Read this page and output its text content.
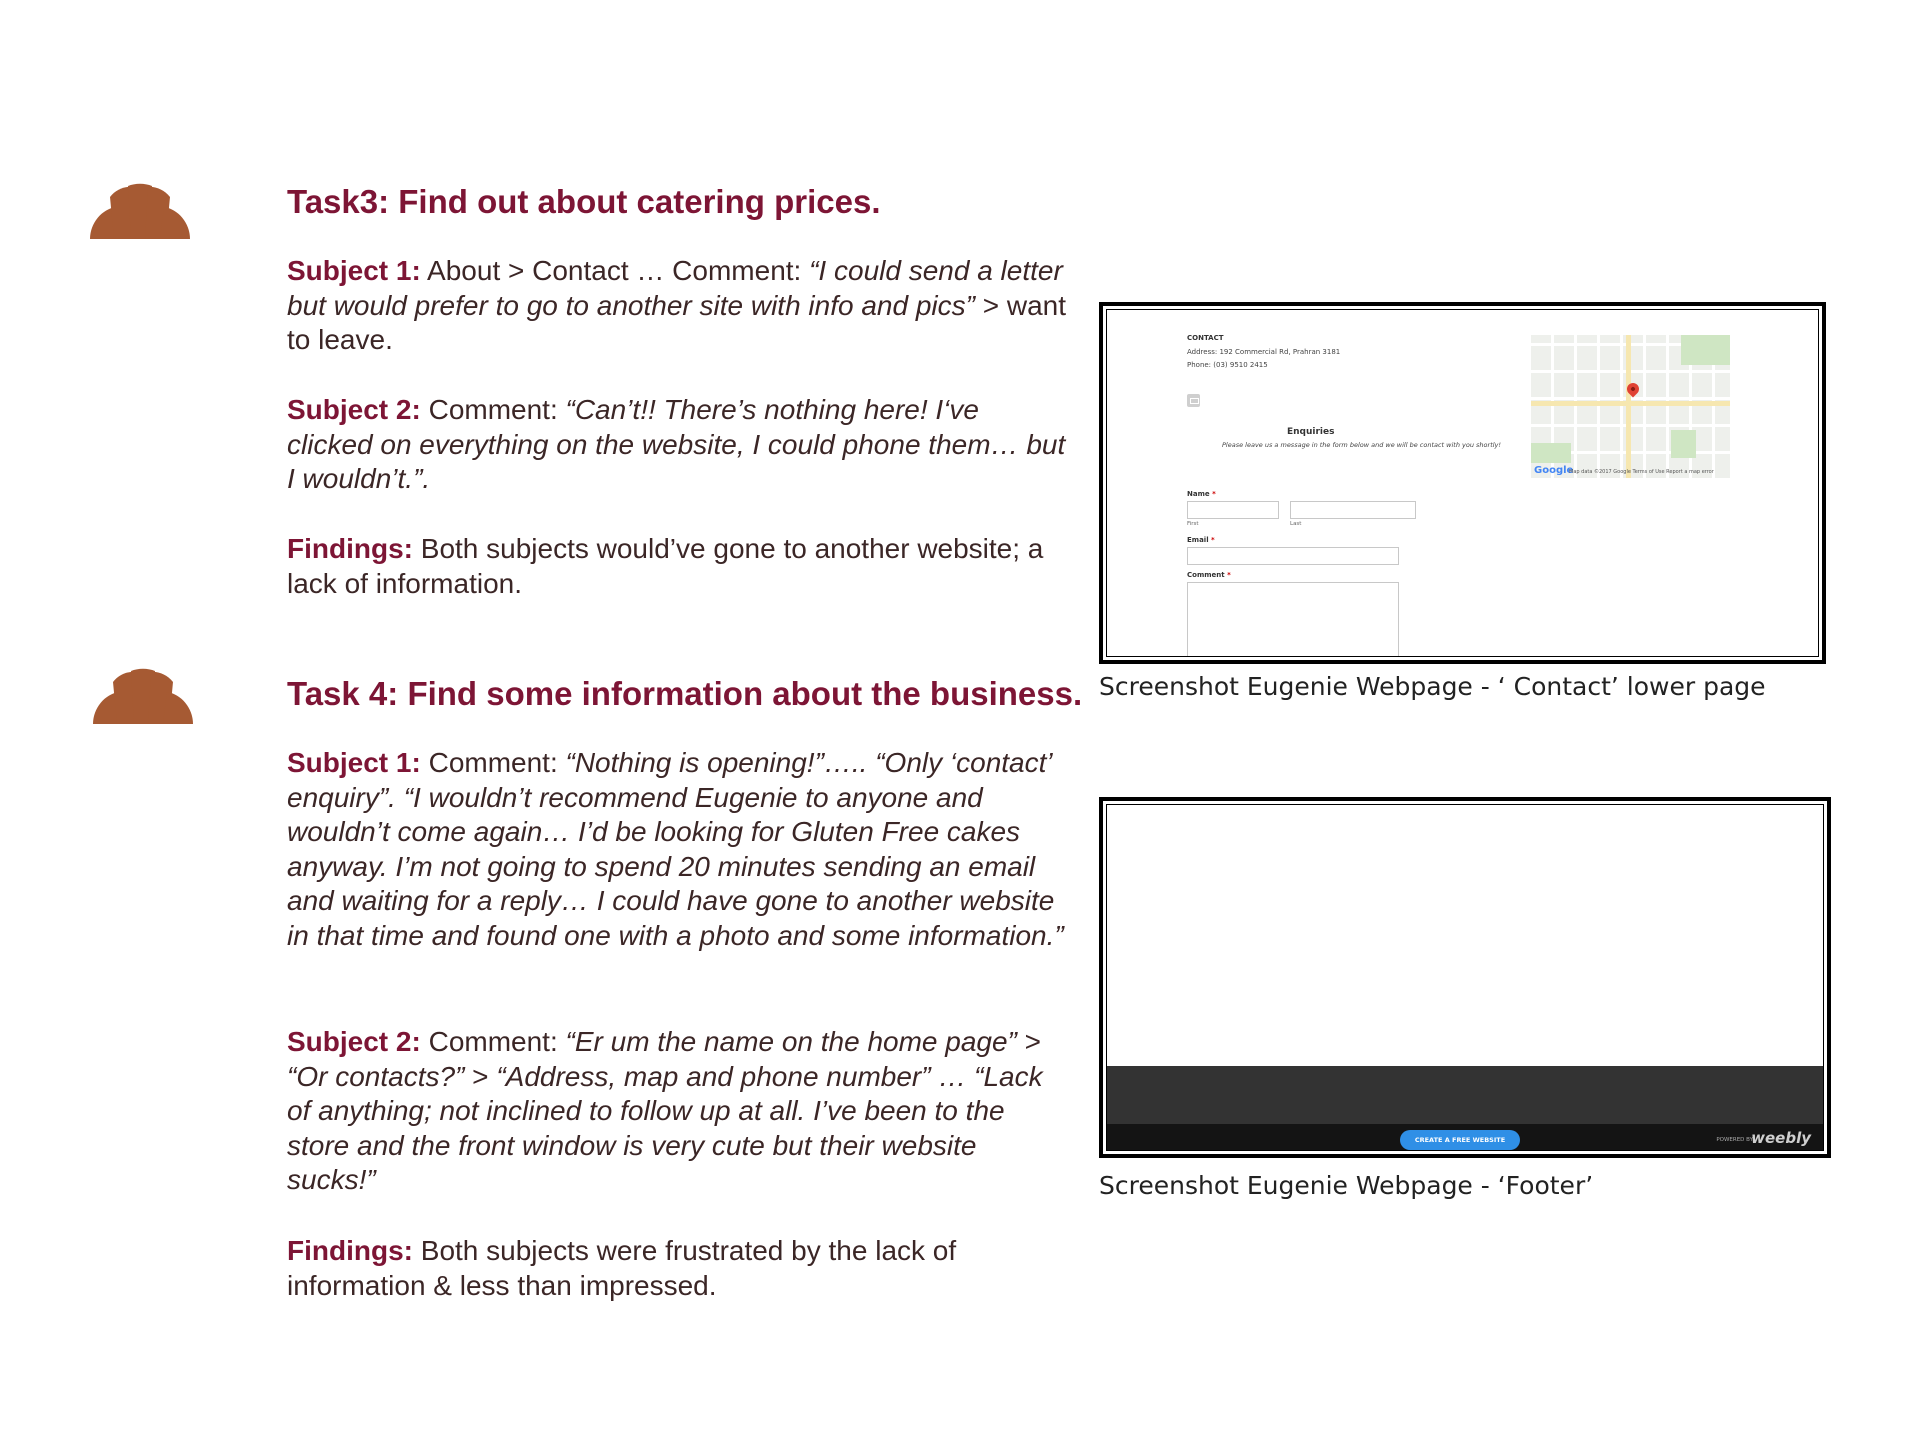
Task3: Find out about catering prices.

Subject 1: About > Contact … Comment: “I could send a letter but would prefer to go to another site with info and pics” > want to leave.

Subject 2: Comment: “Can’t!! There’s nothing here! I‘ve clicked on everything on the website, I could phone them… but I wouldn’t.”.

Findings: Both subjects would’ve gone to another website; a lack of information.

Task 4: Find some information about the business.

Subject 1: Comment: “Nothing is opening!”….. “Only ‘contact’ enquiry”. “I wouldn’t recommend Eugenie to anyone and wouldn’t come again… I’d be looking for Gluten Free cakes anyway. I’m not going to spend 20 minutes sending an email and waiting for a reply… I could have gone to another website in that time and found one with a photo and some information.”

Subject 2: Comment: “Er um the name on the home page” > “Or contacts?” > “Address, map and phone number” … “Lack of anything; not inclined to follow up at all. I’ve been to the store and the front window is very cute but their website sucks!”

Findings: Both subjects were frustrated by the lack of information & less than impressed.

CONTACT
Address: 192 Commercial Rd, Prahran 3181
Phone: (03) 9510 2415
Enquiries
Please leave us a message in the form below and we will be contact with you shortly!
Name *
First	Last
Email *
Comment *
Google
Map data ©2017 Google Terms of Use Report a map error

Screenshot Eugenie Webpage - ‘ Contact’ lower page

CREATE A FREE WEBSITE	POWERED BY
weebly

Screenshot Eugenie Webpage - ‘Footer’
